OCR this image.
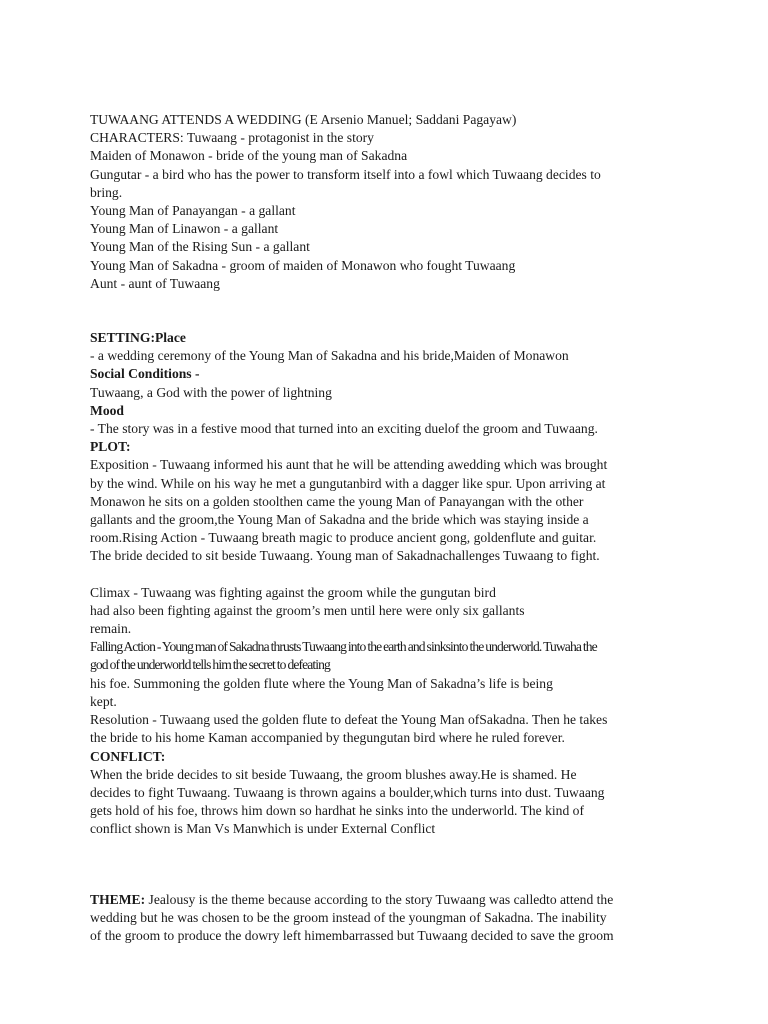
TUWAANG ATTENDS A WEDDING (E Arsenio Manuel; Saddani Pagayaw)
CHARACTERS: Tuwaang - protagonist in the story
Maiden of Monawon - bride of the young man of Sakadna
Gungutar - a bird who has the power to transform itself into a fowl which Tuwaang decides to
bring.
Young Man of Panayangan - a gallant
Young Man of Linawon - a gallant
Young Man of the Rising Sun - a gallant
Young Man of Sakadna - groom of maiden of Monawon who fought Tuwaang
Aunt - aunt of Tuwaang
SETTING:Place
- a wedding ceremony of the Young Man of Sakadna and his bride,Maiden of Monawon
Social Conditions -
Tuwaang, a God with the power of lightning
Mood
- The story was in a festive mood that turned into an exciting duelof the groom and Tuwaang.
PLOT:
Exposition - Tuwaang informed his aunt that he will be attending awedding which was brought
by the wind. While on his way he met a gungutanbird with a dagger like spur. Upon arriving at
Monawon he sits on a golden stoolthen came the young Man of Panayangan with the other
gallants and the groom,the Young Man of Sakadna and the bride which was staying inside a
room.Rising Action - Tuwaang breath magic to produce ancient gong, goldenflute and guitar.
The bride decided to sit beside Tuwaang. Young man of Sakadnachallenges Tuwaang to fight.
Climax - Tuwaang was fighting against the groom while the gungutan bird
had also been fighting against the groom’s men until here were only six gallants
remain.
Falling Action - Young man of Sakadna thrusts Tuwaang into the earth and sinksinto the underworld. Tuwaha the
god of the underworld tells him the secret to defeating
his foe. Summoning the golden flute where the Young Man of Sakadna’s life is being
kept.
Resolution - Tuwaang used the golden flute to defeat the Young Man ofSakadna. Then he takes
the bride to his home Kaman accompanied by thegungutan bird where he ruled forever.
CONFLICT:
When the bride decides to sit beside Tuwaang, the groom blushes away.He is shamed. He
decides to fight Tuwaang. Tuwaang is thrown agains a boulder,which turns into dust. Tuwaang
gets hold of his foe, throws him down so hardhat he sinks into the underworld. The kind of
conflict shown is Man Vs Manwhich is under External Conflict
THEME: Jealousy is the theme because according to the story Tuwaang was calledto attend the
wedding but he was chosen to be the groom instead of the youngman of Sakadna. The inability
of the groom to produce the dowry left himembarrassed but Tuwaang decided to save the groom
